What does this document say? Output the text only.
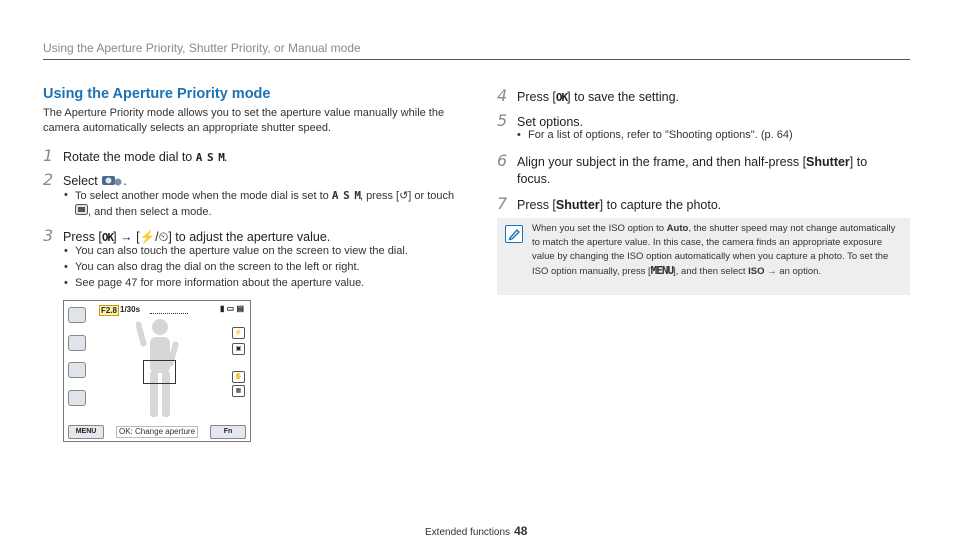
Using the Aperture Priority, Shutter Priority, or Manual mode
Using the Aperture Priority mode
The Aperture Priority mode allows you to set the aperture value manually while the camera automatically selects an appropriate shutter speed.
1 Rotate the mode dial to A S M.
2 Select .
• To select another mode when the mode dial is set to A S M, press [↺] or touch , and then select a mode.
3 Press [OK] → [⚡/⏲] to adjust the aperture value.
• You can also touch the aperture value on the screen to view the dial.
• You can also drag the dial on the screen to the left or right.
• See page 47 for more information about the aperture value.
F2.8 1/30s	▮ ▭ ▤
⚡
▣
✋
▦
MENU	OK: Change aperture	Fn
4 Press [OK] to save the setting.
5 Set options.
• For a list of options, refer to "Shooting options". (p. 64)
6 Align your subject in the frame, and then half-press [Shutter] to focus.
7 Press [Shutter] to capture the photo.
When you set the ISO option to Auto, the shutter speed may not change automatically to match the aperture value. In this case, the camera finds an appropriate exposure value by changing the ISO option automatically when you capture a photo. To set the ISO option manually, press [MENU], and then select ISO → an option.
Extended functions 48
